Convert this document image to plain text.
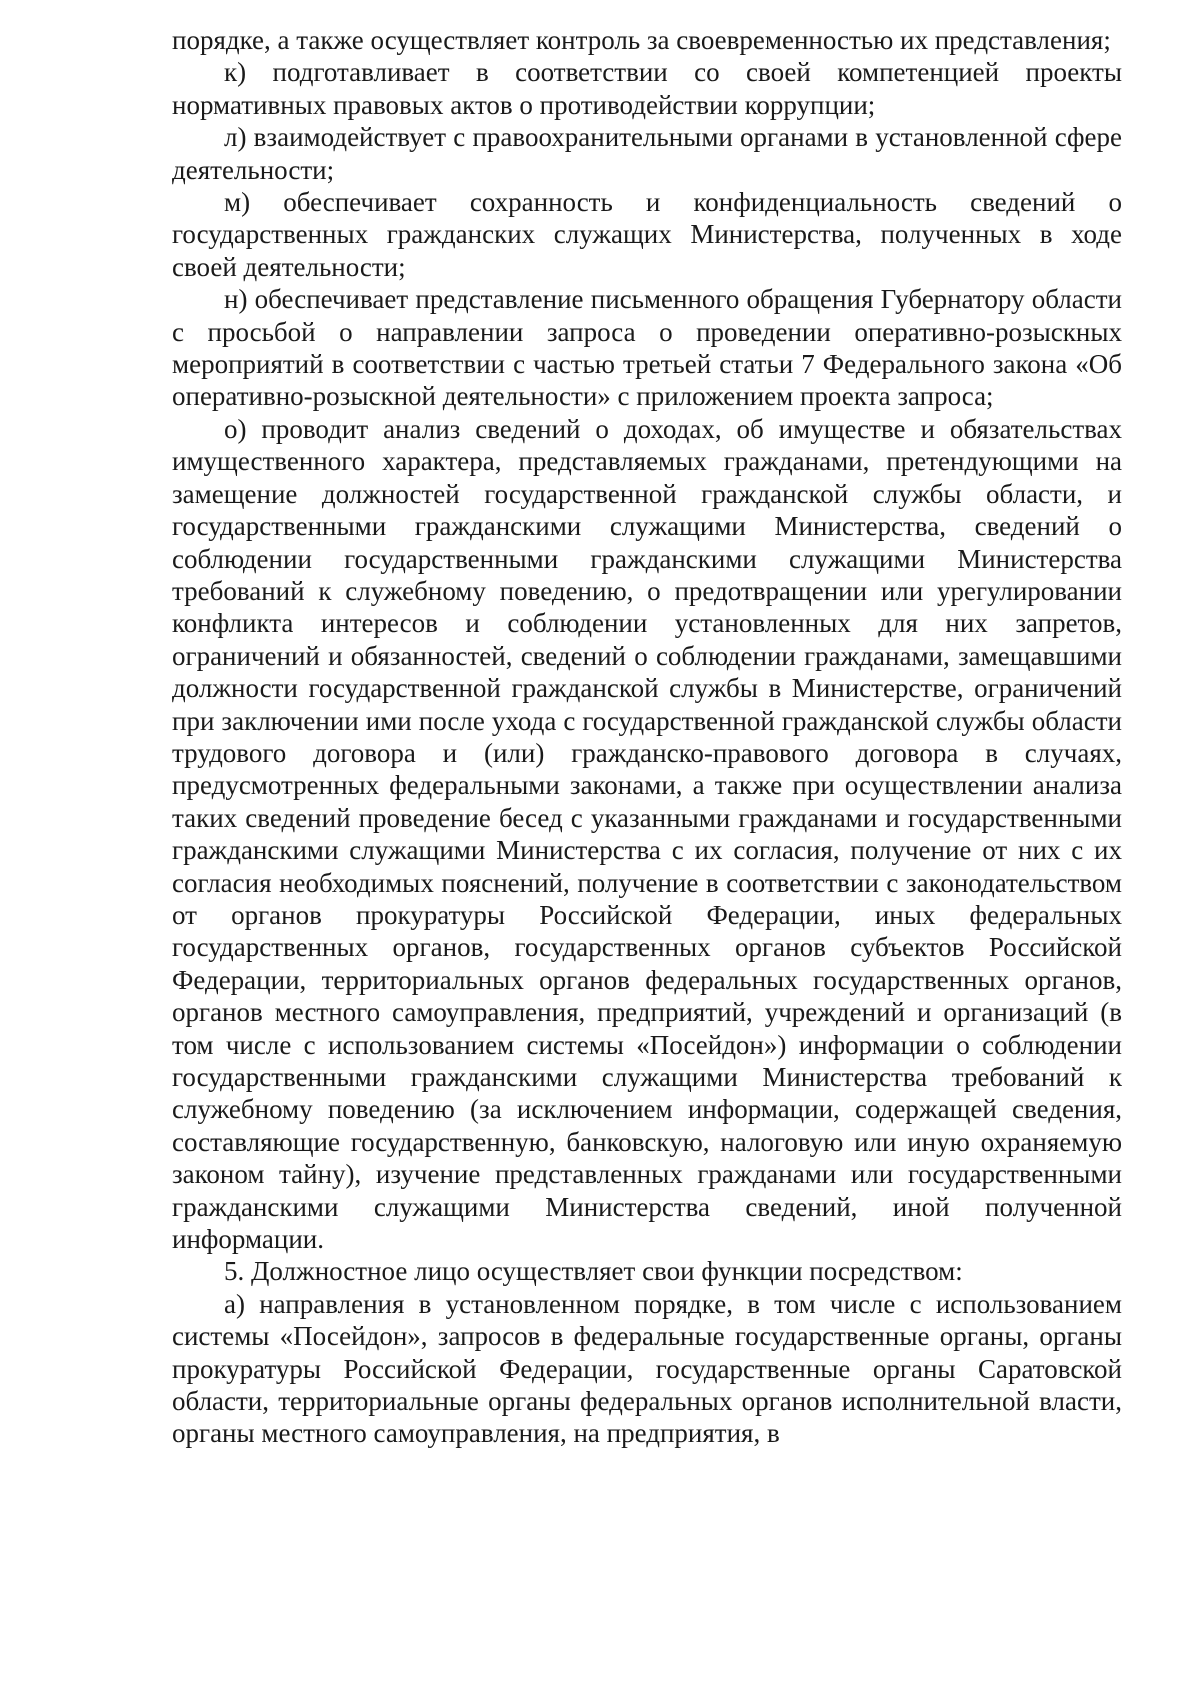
порядке, а также осуществляет контроль за своевременностью их представления;

к) подготавливает в соответствии со своей компетенцией проекты нормативных правовых актов о противодействии коррупции;

л) взаимодействует с правоохранительными органами в установленной сфере деятельности;

м) обеспечивает сохранность и конфиденциальность сведений о государственных гражданских служащих Министерства, полученных в ходе своей деятельности;

н) обеспечивает представление письменного обращения Губернатору области с просьбой о направлении запроса о проведении оперативно-розыскных мероприятий в соответствии с частью третьей статьи 7 Федерального закона «Об оперативно-розыскной деятельности» с приложением проекта запроса;

о) проводит анализ сведений о доходах, об имуществе и обязательствах имущественного характера, представляемых гражданами, претендующими на замещение должностей государственной гражданской службы области, и государственными гражданскими служащими Министерства, сведений о соблюдении государственными гражданскими служащими Министерства требований к служебному поведению, о предотвращении или урегулировании конфликта интересов и соблюдении установленных для них запретов, ограничений и обязанностей, сведений о соблюдении гражданами, замещавшими должности государственной гражданской службы в Министерстве, ограничений при заключении ими после ухода с государственной гражданской службы области трудового договора и (или) гражданско-правового договора в случаях, предусмотренных федеральными законами, а также при осуществлении анализа таких сведений проведение бесед с указанными гражданами и государственными гражданскими служащими Министерства с их согласия, получение от них с их согласия необходимых пояснений, получение в соответствии с законодательством от органов прокуратуры Российской Федерации, иных федеральных государственных органов, государственных органов субъектов Российской Федерации, территориальных органов федеральных государственных органов, органов местного самоуправления, предприятий, учреждений и организаций (в том числе с использованием системы «Посейдон») информации о соблюдении государственными гражданскими служащими Министерства требований к служебному поведению (за исключением информации, содержащей сведения, составляющие государственную, банковскую, налоговую или иную охраняемую законом тайну), изучение представленных гражданами или государственными гражданскими служащими Министерства сведений, иной полученной информации.

5. Должностное лицо осуществляет свои функции посредством:

а) направления в установленном порядке, в том числе с использованием системы «Посейдон», запросов в федеральные государственные органы, органы прокуратуры Российской Федерации, государственные органы Саратовской области, территориальные органы федеральных органов исполнительной власти, органы местного самоуправления, на предприятия, в
